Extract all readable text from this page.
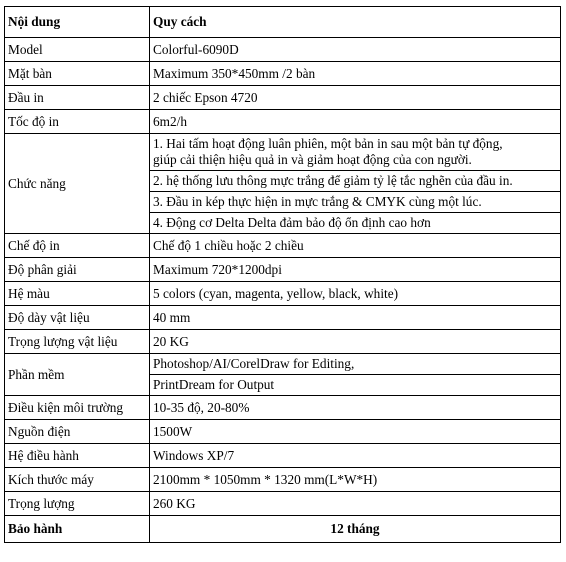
Nội dung	Quy cách
Model	Colorful-6090D
Mặt bàn	Maximum 350*450mm /2 bàn
Đầu in	2 chiếc Epson 4720
Tốc độ in	6m2/h
Chức năng	1. Hai tấm hoạt động luân phiên, một bản in sau một bản tự động,
giúp cải thiện hiệu quả in và giảm hoạt động của con người.
2. hệ thống lưu thông mực trắng để giảm tỷ lệ tắc nghẽn của đầu in.
3. Đầu in kép thực hiện in mực trắng & CMYK cùng một lúc.
4. Động cơ Delta Delta đảm bảo độ ổn định cao hơn

Chế độ in	Chế độ 1 chiều hoặc 2 chiều
Độ phân giải	Maximum 720*1200dpi
Hệ màu	5 colors (cyan, magenta, yellow, black, white)
Độ dày vật liệu	40 mm
Trọng lượng vật liệu	20 KG
Phần mềm	Photoshop/AI/CorelDraw for Editing,
PrintDream for Output

Điều kiện môi trường	10-35 độ, 20-80%
Nguồn điện	1500W
Hệ điều hành	Windows XP/7
Kích thước máy	2100mm * 1050mm * 1320 mm(L*W*H)
Trọng lượng	260 KG
Bảo hành	12 tháng
